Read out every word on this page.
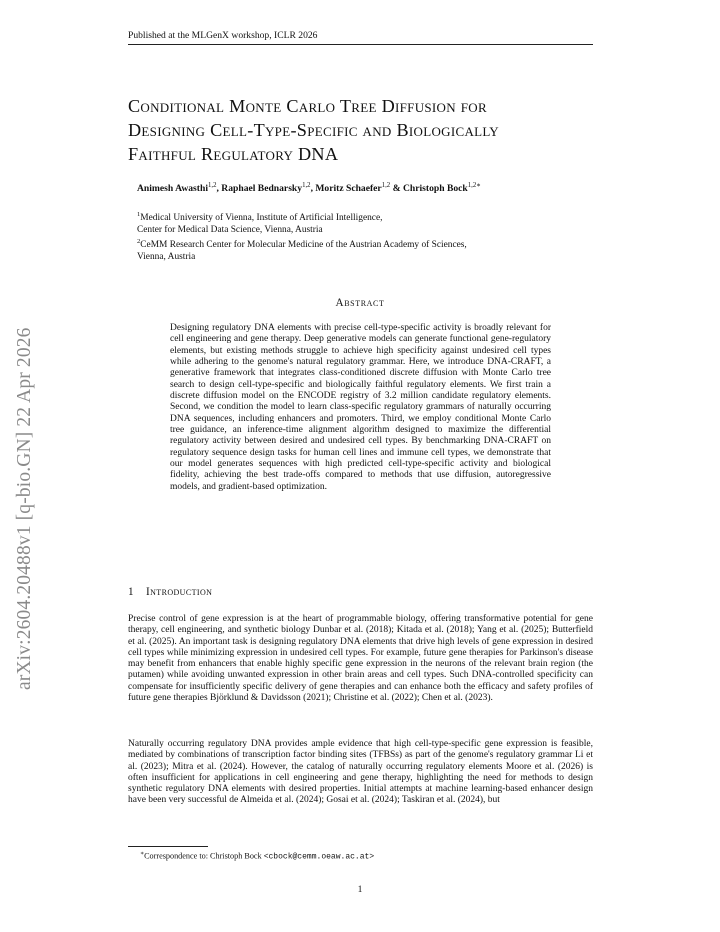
Published at the MLGenX workshop, ICLR 2026
arXiv:2604.20488v1 [q-bio.GN] 22 Apr 2026
Conditional Monte Carlo Tree Diffusion for
Designing Cell-Type-Specific and Biologically
Faithful Regulatory DNA
Animesh Awasthi$^{1,2}$, Raphael Bednarsky$^{1,2}$, Moritz Schaefer$^{1,2}$ & Christoph Bock$^{1,2∗}$
$^1$Medical University of Vienna, Institute of Artificial Intelligence,
Center for Medical Data Science, Vienna, Austria
$^2$CeMM Research Center for Molecular Medicine of the Austrian Academy of Sciences,
Vienna, Austria
Abstract
Designing regulatory DNA elements with precise cell-type-specific activity is broadly relevant for cell engineering and gene therapy. Deep generative models can generate functional gene-regulatory elements, but existing methods struggle to achieve high specificity against undesired cell types while adhering to the genome's natural regulatory grammar. Here, we introduce DNA-CRAFT, a generative framework that integrates class-conditioned discrete diffusion with Monte Carlo tree search to design cell-type-specific and biologically faithful regulatory elements. We first train a discrete diffusion model on the ENCODE registry of 3.2 million candidate regulatory elements. Second, we condition the model to learn class-specific regulatory grammars of naturally occurring DNA sequences, including enhancers and promoters. Third, we employ conditional Monte Carlo tree guidance, an inference-time alignment algorithm designed to maximize the differential regulatory activity between desired and undesired cell types. By benchmarking DNA-CRAFT on regulatory sequence design tasks for human cell lines and immune cell types, we demonstrate that our model generates sequences with high predicted cell-type-specific activity and biological fidelity, achieving the best trade-offs compared to methods that use diffusion, autoregressive models, and gradient-based optimization.
1 Introduction
Precise control of gene expression is at the heart of programmable biology, offering transformative potential for gene therapy, cell engineering, and synthetic biology Dunbar et al. (2018); Kitada et al. (2018); Yang et al. (2025); Butterfield et al. (2025). An important task is designing regulatory DNA elements that drive high levels of gene expression in desired cell types while minimizing expression in undesired cell types. For example, future gene therapies for Parkinson's disease may benefit from enhancers that enable highly specific gene expression in the neurons of the relevant brain region (the putamen) while avoiding unwanted expression in other brain areas and cell types. Such DNA-controlled specificity can compensate for insufficiently specific delivery of gene therapies and can enhance both the efficacy and safety profiles of future gene therapies Björklund & Davidsson (2021); Christine et al. (2022); Chen et al. (2023).
Naturally occurring regulatory DNA provides ample evidence that high cell-type-specific gene expression is feasible, mediated by combinations of transcription factor binding sites (TFBSs) as part of the genome's regulatory grammar Li et al. (2023); Mitra et al. (2024). However, the catalog of naturally occurring regulatory elements Moore et al. (2026) is often insufficient for applications in cell engineering and gene therapy, highlighting the need for methods to design synthetic regulatory DNA elements with desired properties. Initial attempts at machine learning-based enhancer design have been very successful de Almeida et al. (2024); Gosai et al. (2024); Taskiran et al. (2024), but
∗Correspondence to: Christoph Bock <cbock@cemm.oeaw.ac.at>
1
